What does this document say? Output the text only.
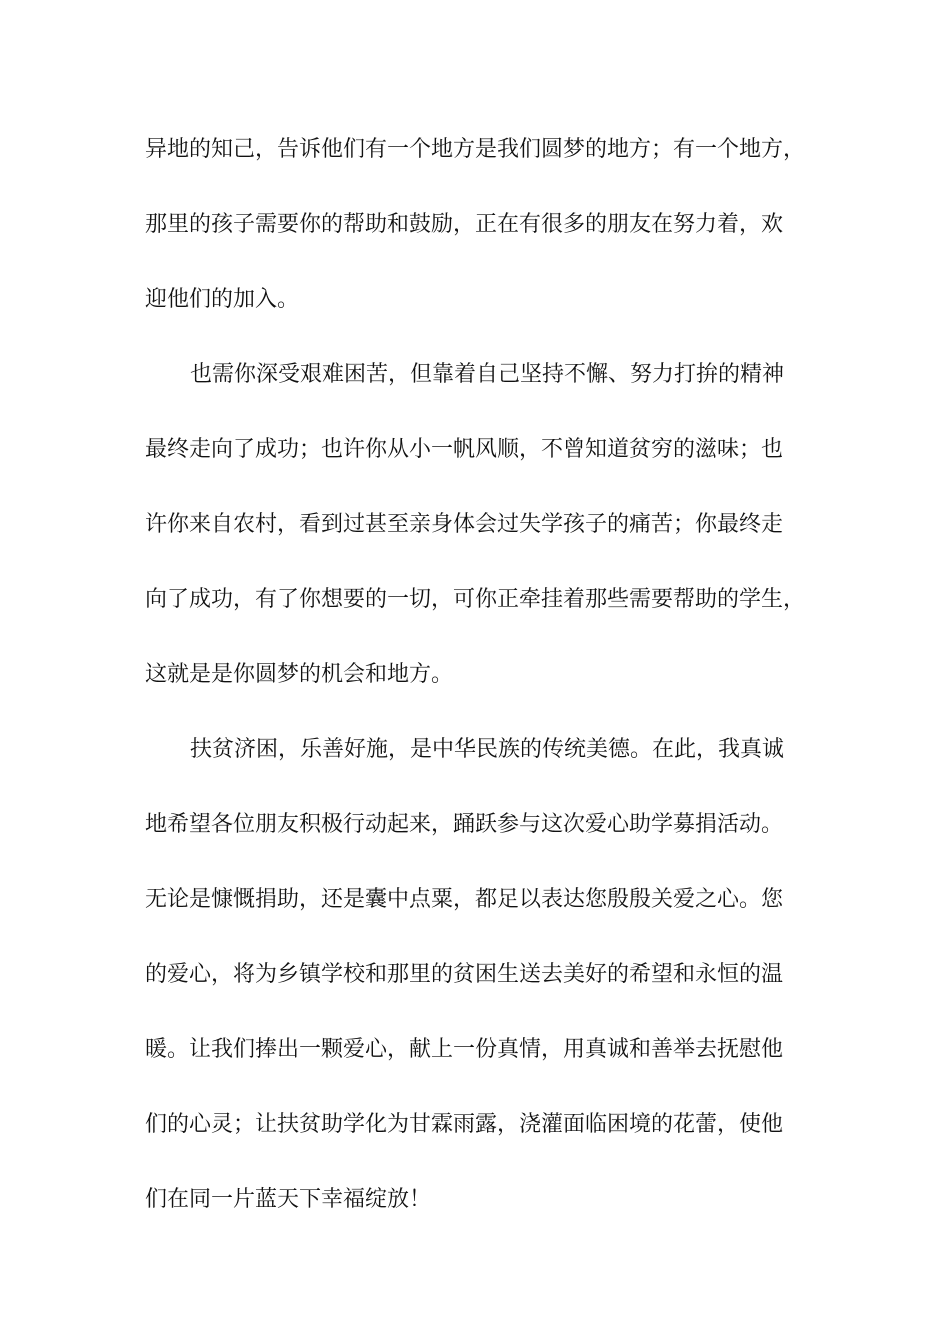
异地的知己，告诉他们有一个地方是我们圆梦的地方；有一个地方，

那里的孩子需要你的帮助和鼓励，正在有很多的朋友在努力着，欢

迎他们的加入。

也需你深受艰难困苦，但靠着自己坚持不懈、努力打拚的精神

最终走向了成功；也许你从小一帆风顺，不曾知道贫穷的滋味；也

许你来自农村，看到过甚至亲身体会过失学孩子的痛苦；你最终走

向了成功，有了你想要的一切，可你正牵挂着那些需要帮助的学生，

这就是是你圆梦的机会和地方。

扶贫济困，乐善好施，是中华民族的传统美德。在此，我真诚

地希望各位朋友积极行动起来，踊跃参与这次爱心助学募捐活动。

无论是慷慨捐助，还是囊中点粟，都足以表达您殷殷关爱之心。您

的爱心，将为乡镇学校和那里的贫困生送去美好的希望和永恒的温

暖。让我们捧出一颗爱心，献上一份真情，用真诚和善举去抚慰他

们的心灵；让扶贫助学化为甘霖雨露，浇灌面临困境的花蕾，使他

们在同一片蓝天下幸福绽放！
